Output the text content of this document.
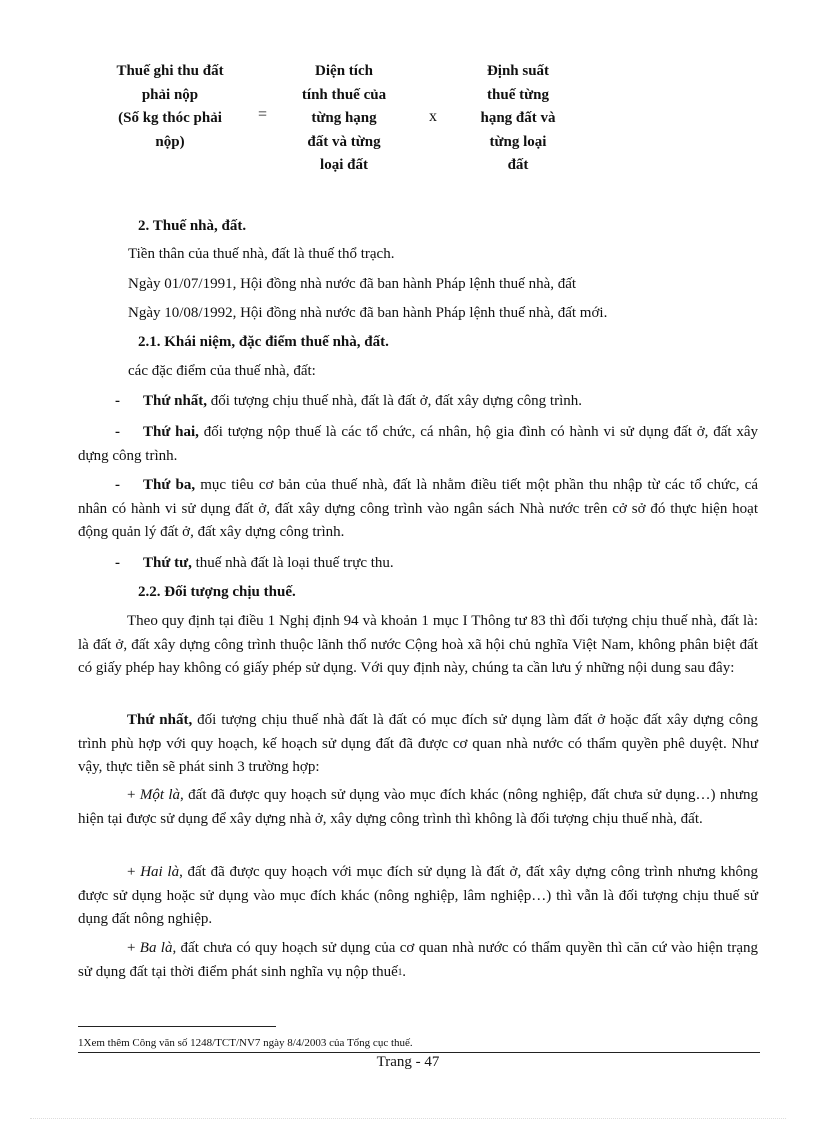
Thuế ghi thu đất
phải nộp
(Số kg thóc phải
nộp)
=
Diện tích
tính thuế của
từng hạng
đất và từng
loại đất
x
Định suất
thuế từng
hạng đất và
từng loại
đất

2. Thuế nhà, đất.

Tiền thân của thuế nhà, đất là thuế thổ trạch.

Ngày 01/07/1991, Hội đồng nhà nước đã ban hành Pháp lệnh thuế nhà, đất

Ngày 10/08/1992, Hội đồng nhà nước đã ban hành Pháp lệnh thuế nhà, đất mới.

2.1. Khái niệm, đặc điểm thuế nhà, đất.

các đặc điểm của thuế nhà, đất:

- Thứ nhất, đối tượng chịu thuế nhà, đất là đất ở, đất xây dựng công trình.

- Thứ hai, đối tượng nộp thuế là các tổ chức, cá nhân, hộ gia đình có hành vi sử dụng đất ở, đất xây dựng công trình.

- Thứ ba, mục tiêu cơ bản của thuế nhà, đất là nhằm điều tiết một phần thu nhập từ các tổ chức, cá nhân có hành vi sử dụng đất ở, đất xây dựng công trình vào ngân sách Nhà nước trên cở sở đó thực hiện hoạt động quản lý đất ở, đất xây dựng công trình.

- Thứ tư, thuế nhà đất là loại thuế trực thu.

2.2. Đối tượng chịu thuế.

Theo quy định tại điều 1 Nghị định 94 và khoản 1 mục I Thông tư 83 thì đối tượng chịu thuế nhà, đất là: là đất ở, đất xây dựng công trình thuộc lãnh thổ nước Cộng hoà xã hội chủ nghĩa Việt Nam, không phân biệt đất có giấy phép hay không có giấy phép sử dụng. Với quy định này, chúng ta cần lưu ý những nội dung sau đây:

Thứ nhất, đối tượng chịu thuế nhà đất là đất có mục đích sử dụng làm đất ở hoặc đất xây dựng công trình phù hợp với quy hoạch, kế hoạch sử dụng đất đã được cơ quan nhà nước có thẩm quyền phê duyệt. Như vậy, thực tiễn sẽ phát sinh 3 trường hợp:

+ Một là, đất đã được quy hoạch sử dụng vào mục đích khác (nông nghiệp, đất chưa sử dụng…) nhưng hiện tại được sử dụng để xây dựng nhà ở, xây dựng công trình thì không là đối tượng chịu thuế nhà, đất.

+ Hai là, đất đã được quy hoạch với mục đích sử dụng là đất ở, đất xây dựng công trình nhưng không được sử dụng hoặc sử dụng vào mục đích khác (nông nghiệp, lâm nghiệp…) thì vẫn là đối tượng chịu thuế sử dụng đất nông nghiệp.

+ Ba là, đất chưa có quy hoạch sử dụng của cơ quan nhà nước có thẩm quyền thì căn cứ vào hiện trạng sử dụng đất tại thời điểm phát sinh nghĩa vụ nộp thuế$^1$.

1Xem thêm Công văn số 1248/TCT/NV7 ngày 8/4/2003 của Tổng cục thuế.
Trang - 47
